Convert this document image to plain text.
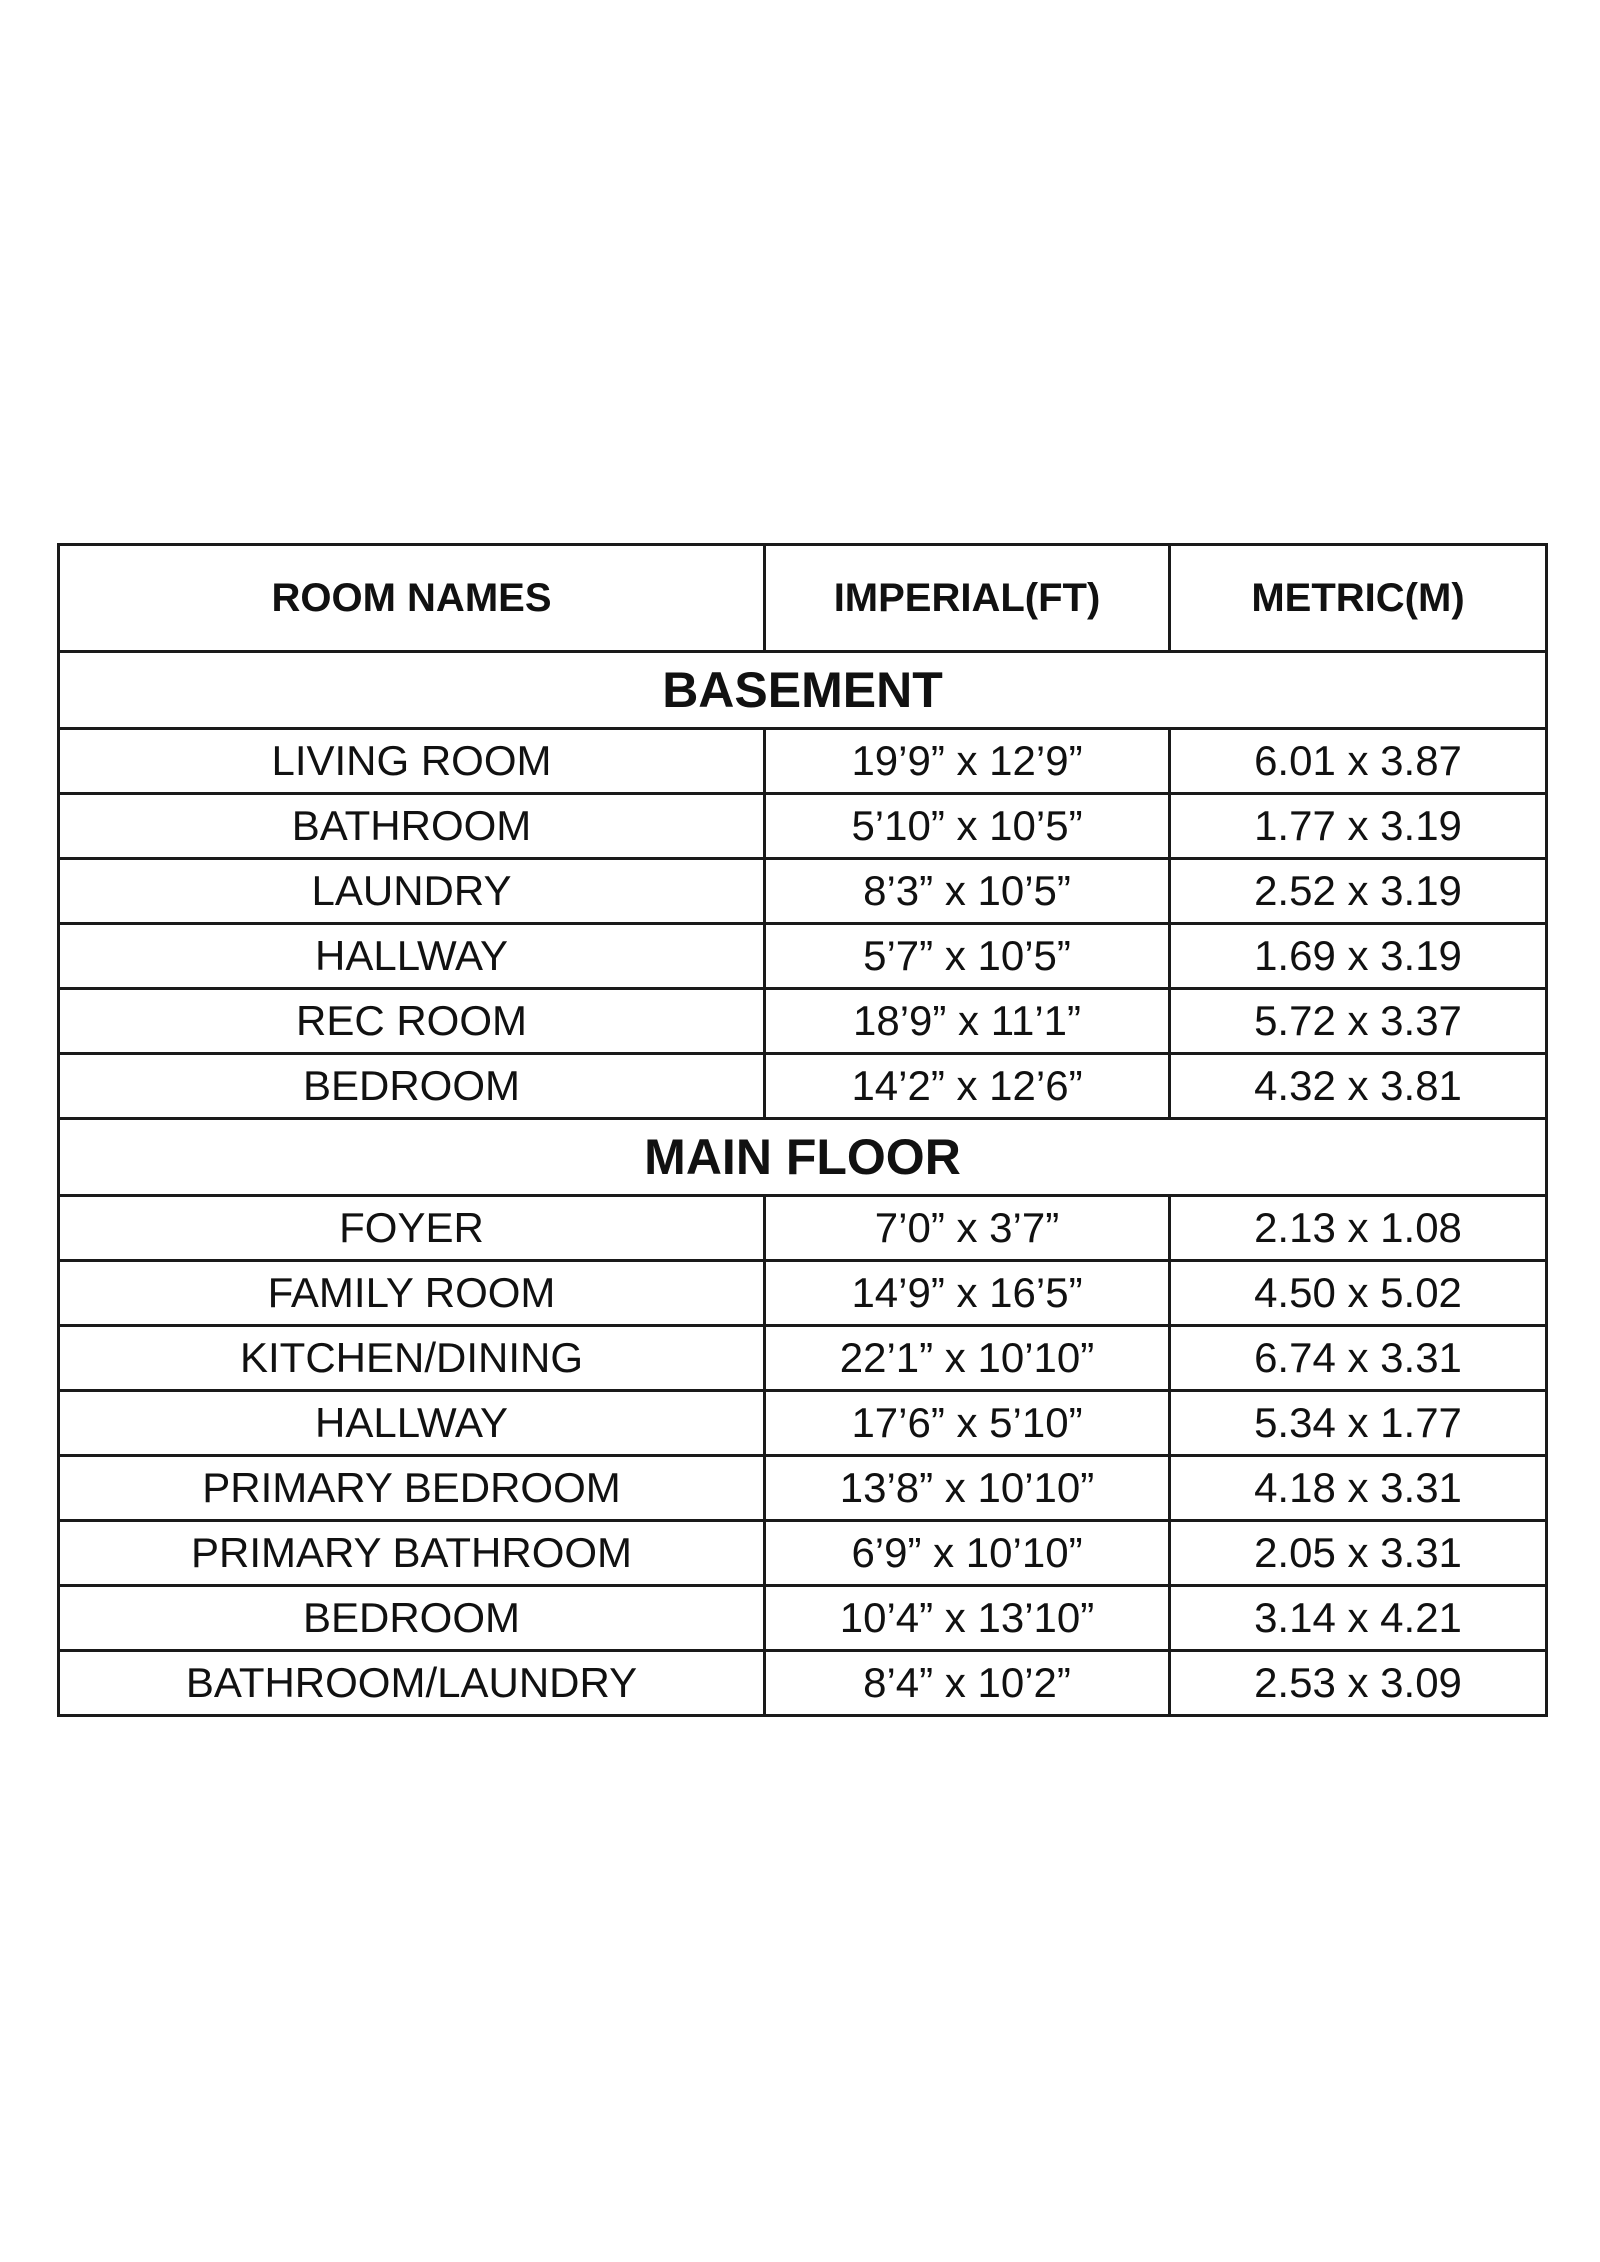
ROOM NAMES	IMPERIAL(FT)	METRIC(M)
BASEMENT		
LIVING ROOM	19’9” x 12’9”	6.01 x 3.87
BATHROOM	5’10” x 10’5”	1.77 x 3.19
LAUNDRY	8’3” x 10’5”	2.52 x 3.19
HALLWAY	5’7” x 10’5”	1.69 x 3.19
REC ROOM	18’9” x 11’1”	5.72 x 3.37
BEDROOM	14’2” x 12’6”	4.32 x 3.81
MAIN FLOOR		
FOYER	7’0” x 3’7”	2.13 x 1.08
FAMILY ROOM	14’9” x 16’5”	4.50 x 5.02
KITCHEN/DINING	22’1” x 10’10”	6.74 x 3.31
HALLWAY	17’6” x 5’10”	5.34 x 1.77
PRIMARY BEDROOM	13’8” x 10’10”	4.18 x 3.31
PRIMARY BATHROOM	6’9” x 10’10”	2.05 x 3.31
BEDROOM	10’4” x 13’10”	3.14 x 4.21
BATHROOM/LAUNDRY	8’4” x 10’2”	2.53 x 3.09
